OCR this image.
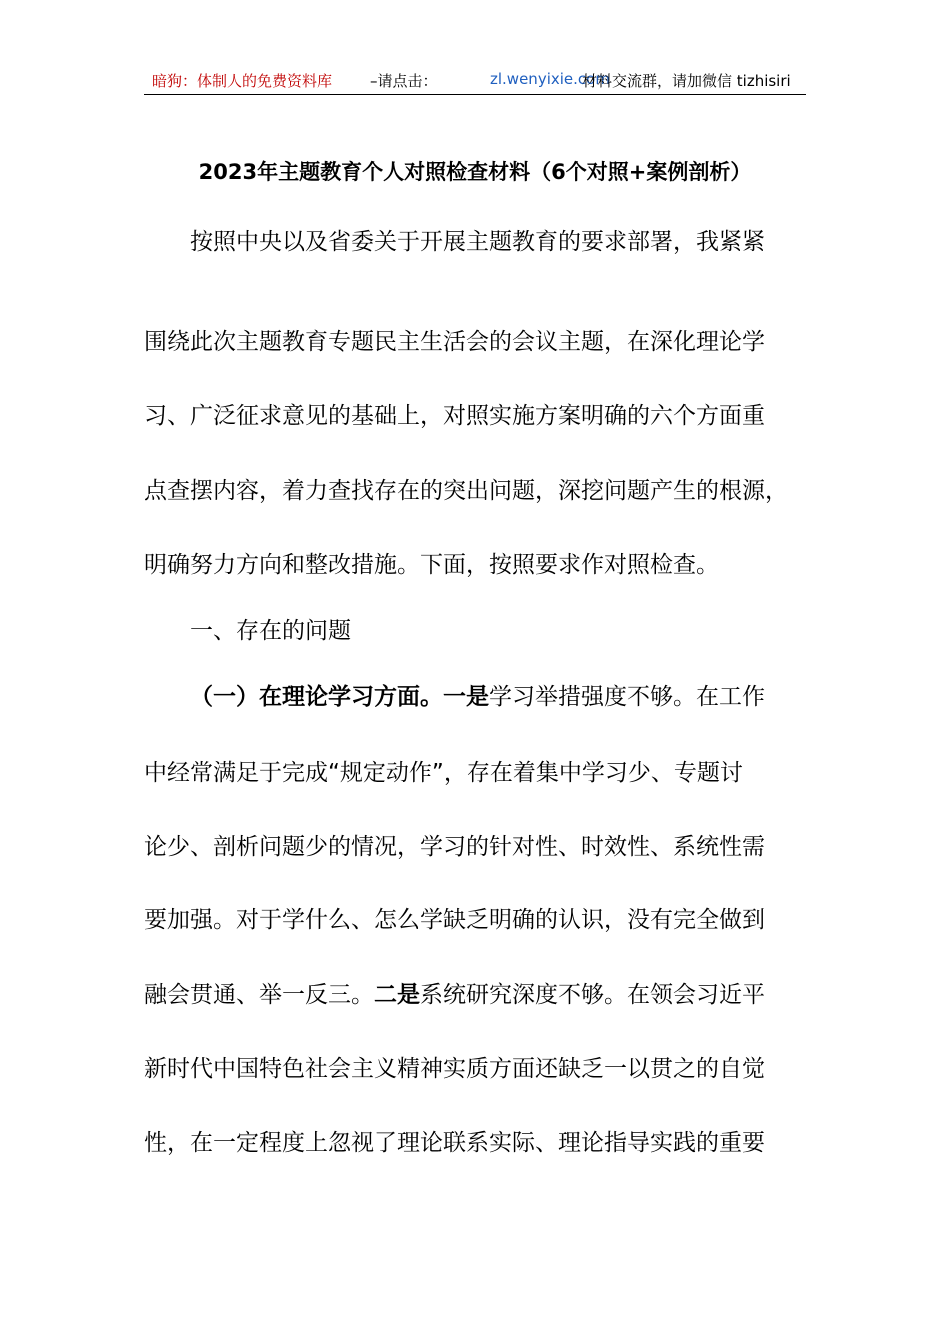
暗狗：体制人的免费资料库	–请点击：	zl.wenyixie.com
材料交流群，请加微信 tizhisiri
2023年主题教育个人对照检查材料（6个对照+案例剖析）
按照中央以及省委关于开展主题教育的要求部署，我紧紧
围绕此次主题教育专题民主生活会的会议主题，在深化理论学
习、广泛征求意见的基础上，对照实施方案明确的六个方面重
点查摆内容，着力查找存在的突出问题，深挖问题产生的根源，
明确努力方向和整改措施。下面，按照要求作对照检查。
一、存在的问题
（一）在理论学习方面。一是学习举措强度不够。在工作
中经常满足于完成“规定动作”，存在着集中学习少、专题讨
论少、剖析问题少的情况，学习的针对性、时效性、系统性需
要加强。对于学什么、怎么学缺乏明确的认识，没有完全做到
融会贯通、举一反三。二是系统研究深度不够。在领会习近平
新时代中国特色社会主义精神实质方面还缺乏一以贯之的自觉
性，在一定程度上忽视了理论联系实际、理论指导实践的重要
